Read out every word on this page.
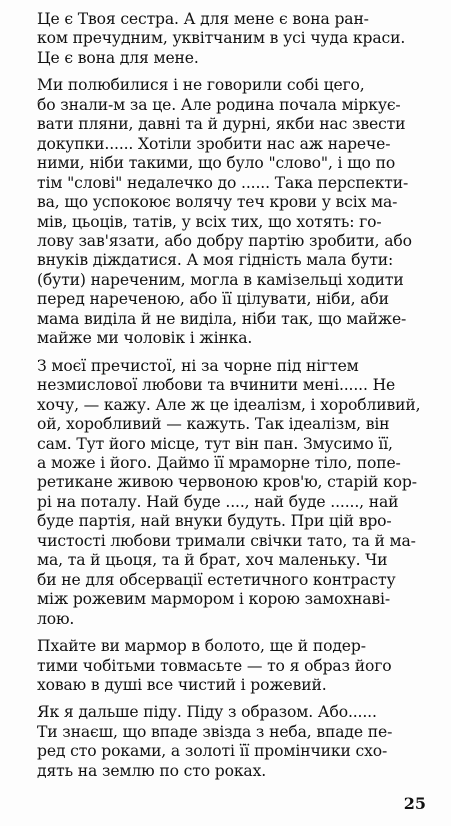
Це є Твоя сестра. А для мене є вона ран-
ком пречудним, уквітчаним в усі чуда краси.
Це є вона для мене.

Ми полюбилися і не говорили собі цего,
бо знали-м за це. Але родина почала міркує-
вати пляни, давні та й дурні, якби нас звести
докупки...... Хотіли зробити нас аж нарече-
ними, ніби такими, що було "слово", і що по
тім "слові" недалечко до ...... Така перспекти-
ва, що успокоює волячу теч крови у всіх ма-
мів, цьоців, татів, у всіх тих, що хотять: го-
лову зав'язати, або добру партію зробити, або
внуків діждатися. А моя гідність мала бути:
(бути) нареченим, могла в камізельці ходити
перед нареченою, або її цілувати, ніби, аби
мама виділа й не виділа, ніби так, що майже-
майже ми чоловік і жінка.

З моєї пречистої, ні за чорне під нігтем
незмислової любови та вчинити мені...... Не
хочу, — кажу. Але ж це ідеалізм, і хоробливий,
ой, хоробливий — кажуть. Так ідеалізм, він
сам. Тут його місце, тут він пан. Змусимо її,
а може і його. Даймо її мраморне тіло, попе-
ретикане живою червоною кров'ю, старій кор-
рі на поталу. Най буде ...., най буде ......, най
буде партія, най внуки будуть. При цій вро-
чистості любови тримали свічки тато, та й ма-
ма, та й цьоця, та й брат, хоч маленьку. Чи
би не для обсервації естетичного контрасту
між рожевим мармором і корою замохнаві-
лою.

Пхайте ви мармор в болото, ще й подер-
тими чобітьми товмасьте — то я образ його
ховаю в душі все чистий і рожевий.

Як я дальше піду. Піду з образом. Або......
Ти знаєш, що впаде звізда з неба, впаде пе-
ред сто роками, а золоті її промінчики схо-
дять на землю по сто роках.

25
